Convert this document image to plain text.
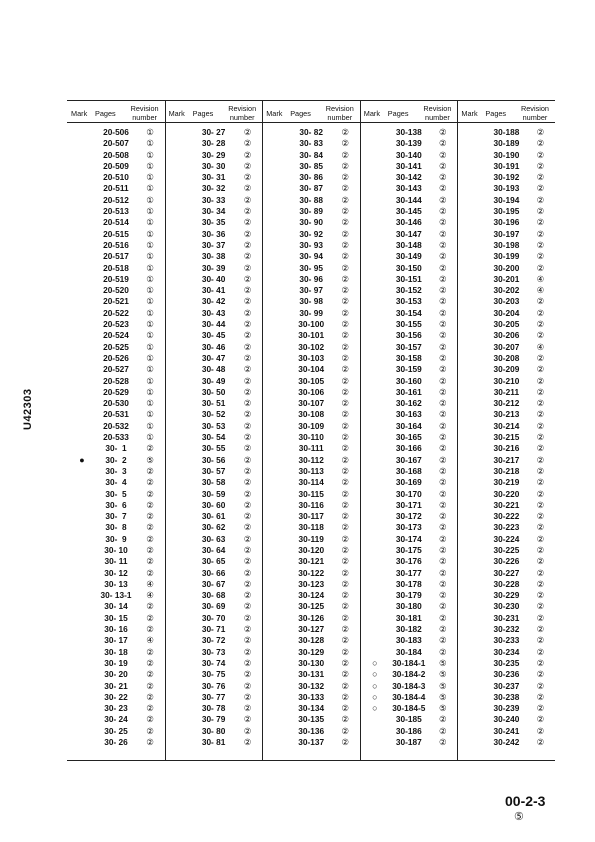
U42303
Mark Pages
Revision
number
20-506	①
20-507	①
20-508	①
20-509	①
20-510	①
20-511	①
20-512	①
20-513	①
20-514	①
20-515	①
20-516	①
20-517	①
20-518	①
20-519	①
20-520	①
20-521	①
20-522	①
20-523	①
20-524	①
20-525	①
20-526	①
20-527	①
20-528	①
20-529	①
20-530	①
20-531	①
20-532	①
20-533	①
30-  1	②
●	30-  2	⑤
30-  3	②
30-  4	②
30-  5	②
30-  6	②
30-  7	②
30-  8	②
30-  9	②
30- 10	②
30- 11	②
30- 12	②
30- 13	④
30- 13-1	④
30- 14	②
30- 15	②
30- 16	②
30- 17	④
30- 18	②
30- 19	②
30- 20	②
30- 21	②
30- 22	②
30- 23	②
30- 24	②
30- 25	②
30- 26	②
Mark Pages
Revision
number
30- 27	②
30- 28	②
30- 29	②
30- 30	②
30- 31	②
30- 32	②
30- 33	②
30- 34	②
30- 35	②
30- 36	②
30- 37	②
30- 38	②
30- 39	②
30- 40	②
30- 41	②
30- 42	②
30- 43	②
30- 44	②
30- 45	②
30- 46	②
30- 47	②
30- 48	②
30- 49	②
30- 50	②
30- 51	②
30- 52	②
30- 53	②
30- 54	②
30- 55	②
30- 56	②
30- 57	②
30- 58	②
30- 59	②
30- 60	②
30- 61	②
30- 62	②
30- 63	②
30- 64	②
30- 65	②
30- 66	②
30- 67	②
30- 68	②
30- 69	②
30- 70	②
30- 71	②
30- 72	②
30- 73	②
30- 74	②
30- 75	②
30- 76	②
30- 77	②
30- 78	②
30- 79	②
30- 80	②
30- 81	②
Mark Pages
Revision
number
30- 82	②
30- 83	②
30- 84	②
30- 85	②
30- 86	②
30- 87	②
30- 88	②
30- 89	②
30- 90	②
30- 92	②
30- 93	②
30- 94	②
30- 95	②
30- 96	②
30- 97	②
30- 98	②
30- 99	②
30-100	②
30-101	②
30-102	②
30-103	②
30-104	②
30-105	②
30-106	②
30-107	②
30-108	②
30-109	②
30-110	②
30-111	②
30-112	②
30-113	②
30-114	②
30-115	②
30-116	②
30-117	②
30-118	②
30-119	②
30-120	②
30-121	②
30-122	②
30-123	②
30-124	②
30-125	②
30-126	②
30-127	②
30-128	②
30-129	②
30-130	②
30-131	②
30-132	②
30-133	②
30-134	②
30-135	②
30-136	②
30-137	②
Mark Pages
Revision
number
30-138	②
30-139	②
30-140	②
30-141	②
30-142	②
30-143	②
30-144	②
30-145	②
30-146	②
30-147	②
30-148	②
30-149	②
30-150	②
30-151	②
30-152	②
30-153	②
30-154	②
30-155	②
30-156	②
30-157	②
30-158	②
30-159	②
30-160	②
30-161	②
30-162	②
30-163	②
30-164	②
30-165	②
30-166	②
30-167	②
30-168	②
30-169	②
30-170	②
30-171	②
30-172	②
30-173	②
30-174	②
30-175	②
30-176	②
30-177	②
30-178	②
30-179	②
30-180	②
30-181	②
30-182	②
30-183	②
30-184	②
○	30-184-1	⑤
○	30-184-2	⑤
○	30-184-3	⑤
○	30-184-4	⑤
○	30-184-5	⑤
30-185	②
30-186	②
30-187	②
Mark Pages
Revision
number
30-188	②
30-189	②
30-190	②
30-191	②
30-192	②
30-193	②
30-194	②
30-195	②
30-196	②
30-197	②
30-198	②
30-199	②
30-200	②
30-201	④
30-202	④
30-203	②
30-204	②
30-205	②
30-206	②
30-207	④
30-208	②
30-209	②
30-210	②
30-211	②
30-212	②
30-213	②
30-214	②
30-215	②
30-216	②
30-217	②
30-218	②
30-219	②
30-220	②
30-221	②
30-222	②
30-223	②
30-224	②
30-225	②
30-226	②
30-227	②
30-228	②
30-229	②
30-230	②
30-231	②
30-232	②
30-233	②
30-234	②
30-235	②
30-236	②
30-237	②
30-238	②
30-239	②
30-240	②
30-241	②
30-242	②
00-2-3
⑤
